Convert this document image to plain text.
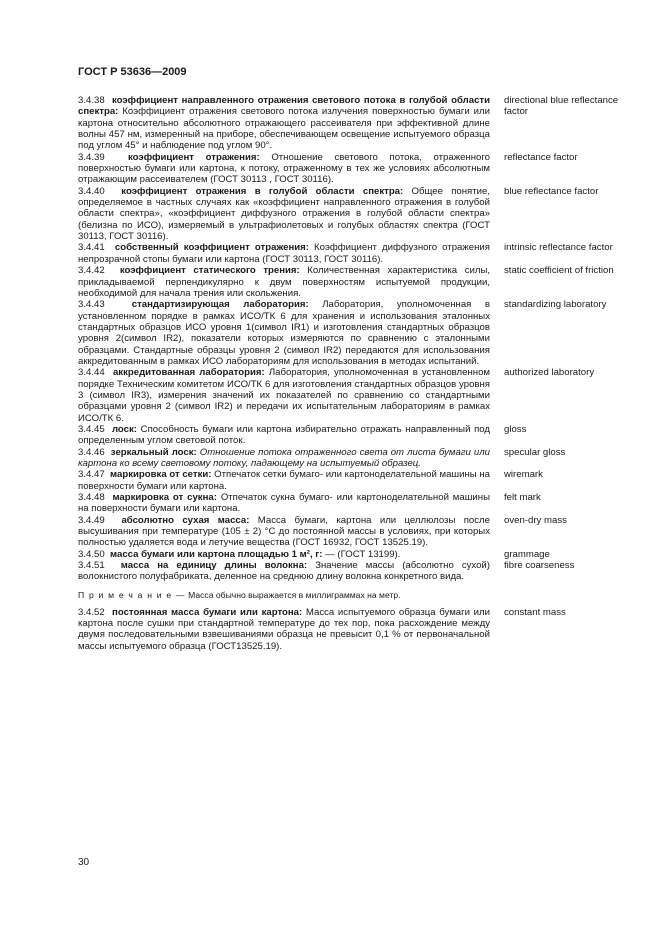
ГОСТ Р 53636—2009
3.4.38 коэффициент направленного отражения светового потока в голубой области спектра: Коэффициент отражения светового потока излучения поверхностью бумаги или картона относительно абсолютного отражающего рассеивателя при эффективной длине волны 457 нм, измеренный на приборе, обеспечивающем освещение испытуемого образца под углом 45° и наблюдение под углом 90°.
directional blue reflectance factor
3.4.39 коэффициент отражения: Отношение светового потока, отраженного поверхностью бумаги или картона, к потоку, отраженному в тех же условиях абсолютным отражающим рассеивателем (ГОСТ 30113 , ГОСТ 30116).
reflectance factor
3.4.40 коэффициент отражения в голубой области спектра: Общее понятие, определяемое в частных случаях как «коэффициент направленного отражения в голубой области спектра», «коэффициент диффузного отражения в голубой области спектра» (белизна по ИСО), измеряемый в ультрафиолетовых и голубых областях спектра (ГОСТ 30113, ГОСТ 30116).
blue reflectance factor
3.4.41 собственный коэффициент отражения: Коэффициент диффузного отражения непрозрачной стопы бумаги или картона (ГОСТ 30113, ГОСТ 30116).
intrinsic reflectance factor
3.4.42 коэффициент статического трения: Количественная характеристика силы, прикладываемой перпендикулярно к двум поверхностям испытуемой продукции, необходимой для начала трения или скольжения.
static coefficient of friction
3.4.43	стандартизирующая лаборатория: Лаборатория, уполномоченная в установленном порядке в рамках ИСО/ТК 6 для хранения и использования эталонных стандартных образцов ИСО уровня 1(символ IR1) и изготовления стандартных образцов уровня 2(символ IR2), показатели которых измеряются по сравнению с эталонными образцами. Стандартные образцы уровня 2 (символ IR2) передаются для использования аккредитованным в рамках ИСО лабораториям для использования в методах испытаний.
standardizing laboratory
3.4.44 аккредитованная лаборатория: Лаборатория, уполномоченная в установленном порядке Техническим комитетом ИСО/ТК 6 для изготовления стандартных образцов уровня 3 (символ IR3), измерения значений их показателей по сравнению со стандартными образцами уровня 2 (символ IR2) и передачи их испытательным лабораториям в рамках ИСО/ТК 6.
authorized laboratory
3.4.45 лоск: Способность бумаги или картона избирательно отражать направленный под определенным углом световой поток.
gloss
3.4.46 зеркальный лоск: Отношение потока отраженного света от листа бумаги или картона ко всему световому потоку, падающему на испытуемый образец.
specular gloss
3.4.47 маркировка от сетки: Отпечаток сетки бумаго- или картоноделательной машины на поверхности бумаги или картона.
wiremark
3.4.48 маркировка от сукна: Отпечаток сукна бумаго- или картоноделательной машины на поверхности бумаги или картона.
felt mark
3.4.49 абсолютно сухая масса: Масса бумаги, картона или целлюлозы после высушивания при температуре (105 ± 2) °С до постоянной массы в условиях, при которых полностью удаляется вода и летучие вещества (ГОСТ 16932, ГОСТ 13525.19).
oven-dry mass
3.4.50 масса бумаги или картона площадью 1 м², г: — (ГОСТ 13199).	grammage
3.4.51 масса на единицу длины волокна: Значение массы (абсолютно сухой) волокнистого полуфабриката, деленное на среднюю длину волокна конкретного вида.
fibre coarseness
П р и м е ч а н и е — Масса обычно выражается в миллиграммах на метр.
3.4.52 постоянная масса бумаги или картона: Масса испытуемого образца бумаги или картона после сушки при стандартной температуре до тех пор, пока расхождение между двумя последовательными взвешиваниями образца не превысит 0,1 % от первоначальной массы испытуемого образца (ГОСТ13525.19).
constant mass
30
